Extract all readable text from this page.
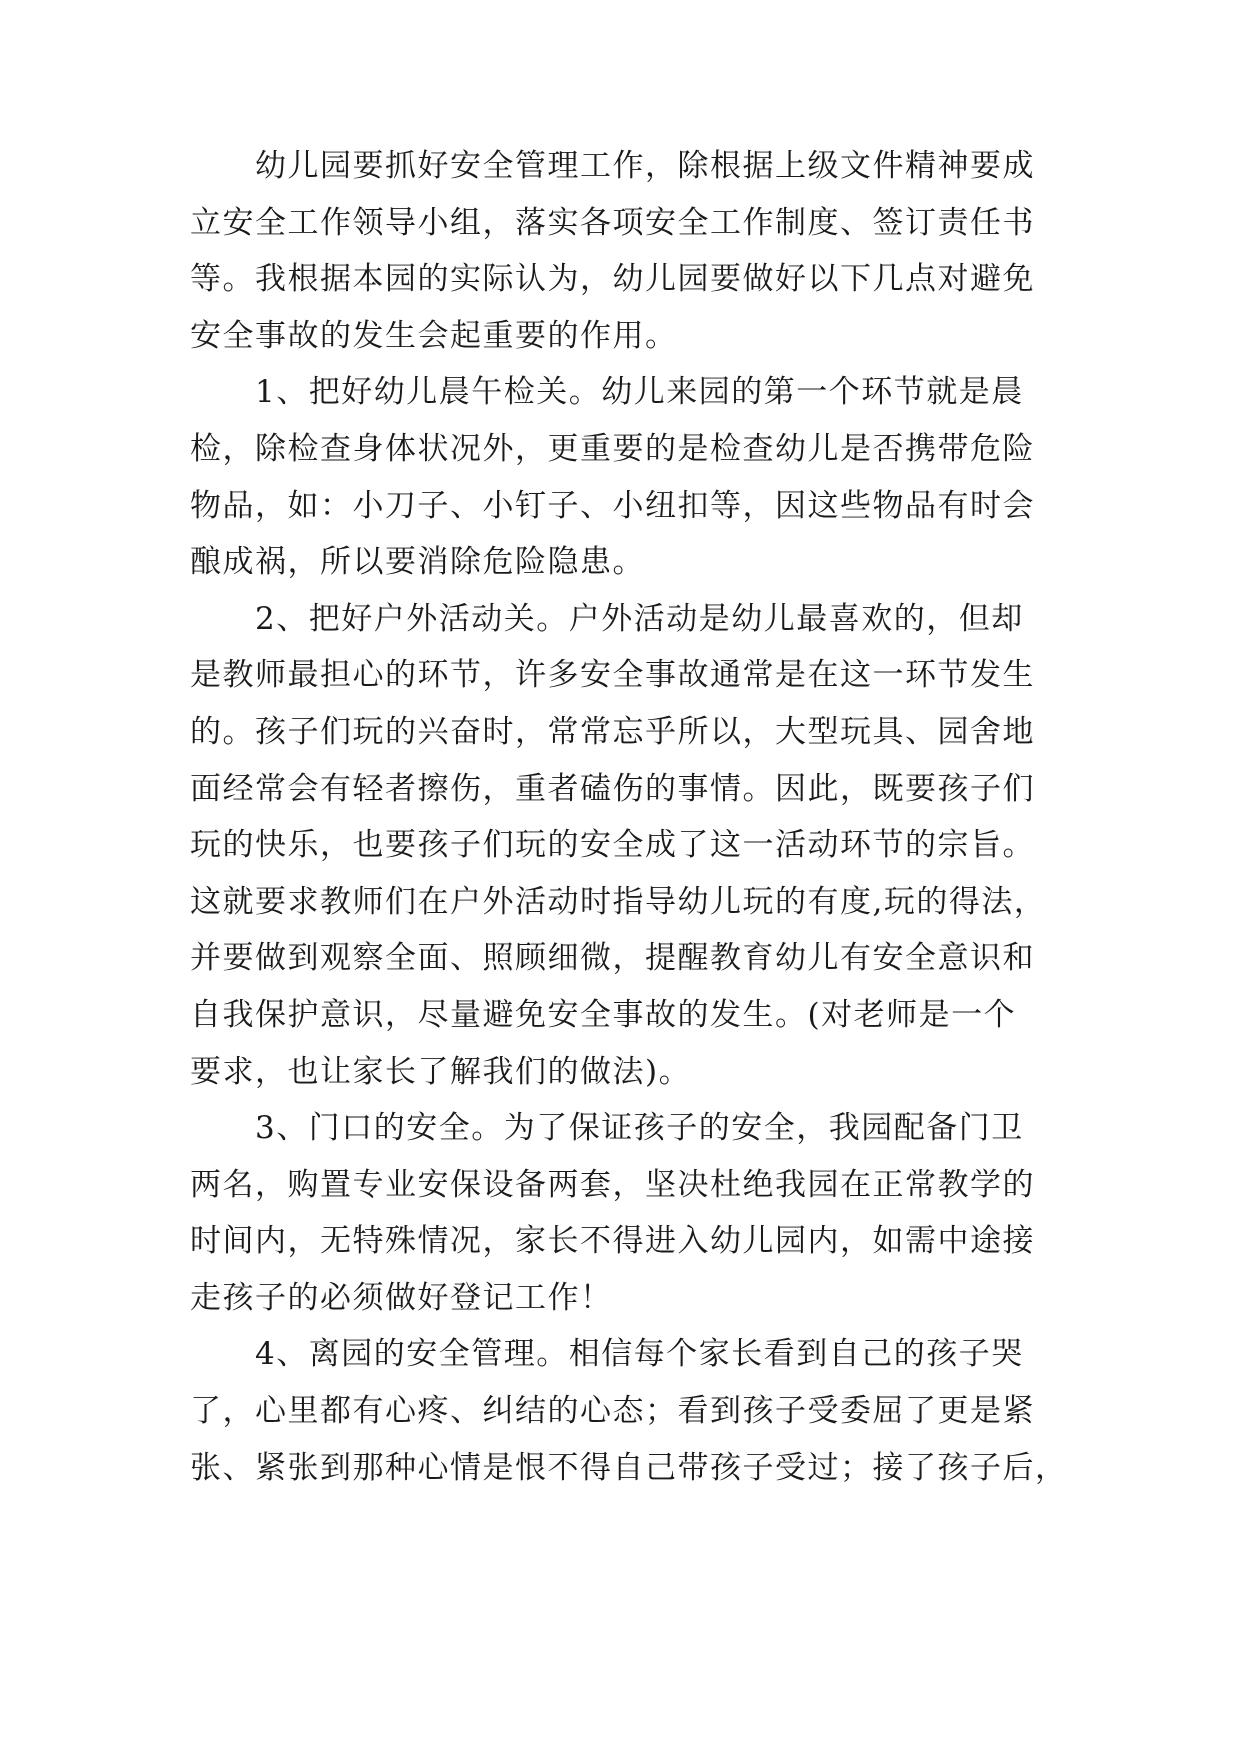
　　幼儿园要抓好安全管理工作，除根据上级文件精神要成
立安全工作领导小组，落实各项安全工作制度、签订责任书
等。我根据本园的实际认为，幼儿园要做好以下几点对避免
安全事故的发生会起重要的作用。
　　1、把好幼儿晨午检关。幼儿来园的第一个环节就是晨
检，除检查身体状况外，更重要的是检查幼儿是否携带危险
物品，如：小刀子、小钉子、小纽扣等，因这些物品有时会
酿成祸，所以要消除危险隐患。
　　2、把好户外活动关。户外活动是幼儿最喜欢的，但却
是教师最担心的环节，许多安全事故通常是在这一环节发生
的。孩子们玩的兴奋时，常常忘乎所以，大型玩具、园舍地
面经常会有轻者擦伤，重者磕伤的事情。因此，既要孩子们
玩的快乐，也要孩子们玩的安全成了这一活动环节的宗旨。
这就要求教师们在户外活动时指导幼儿玩的有度,玩的得法，
并要做到观察全面、照顾细微，提醒教育幼儿有安全意识和
自我保护意识，尽量避免安全事故的发生。(对老师是一个
要求，也让家长了解我们的做法)。
　　3、门口的安全。为了保证孩子的安全，我园配备门卫
两名，购置专业安保设备两套，坚决杜绝我园在正常教学的
时间内，无特殊情况，家长不得进入幼儿园内，如需中途接
走孩子的必须做好登记工作！
　　4、离园的安全管理。相信每个家长看到自己的孩子哭
了，心里都有心疼、纠结的心态；看到孩子受委屈了更是紧
张、紧张到那种心情是恨不得自己带孩子受过；接了孩子后，
